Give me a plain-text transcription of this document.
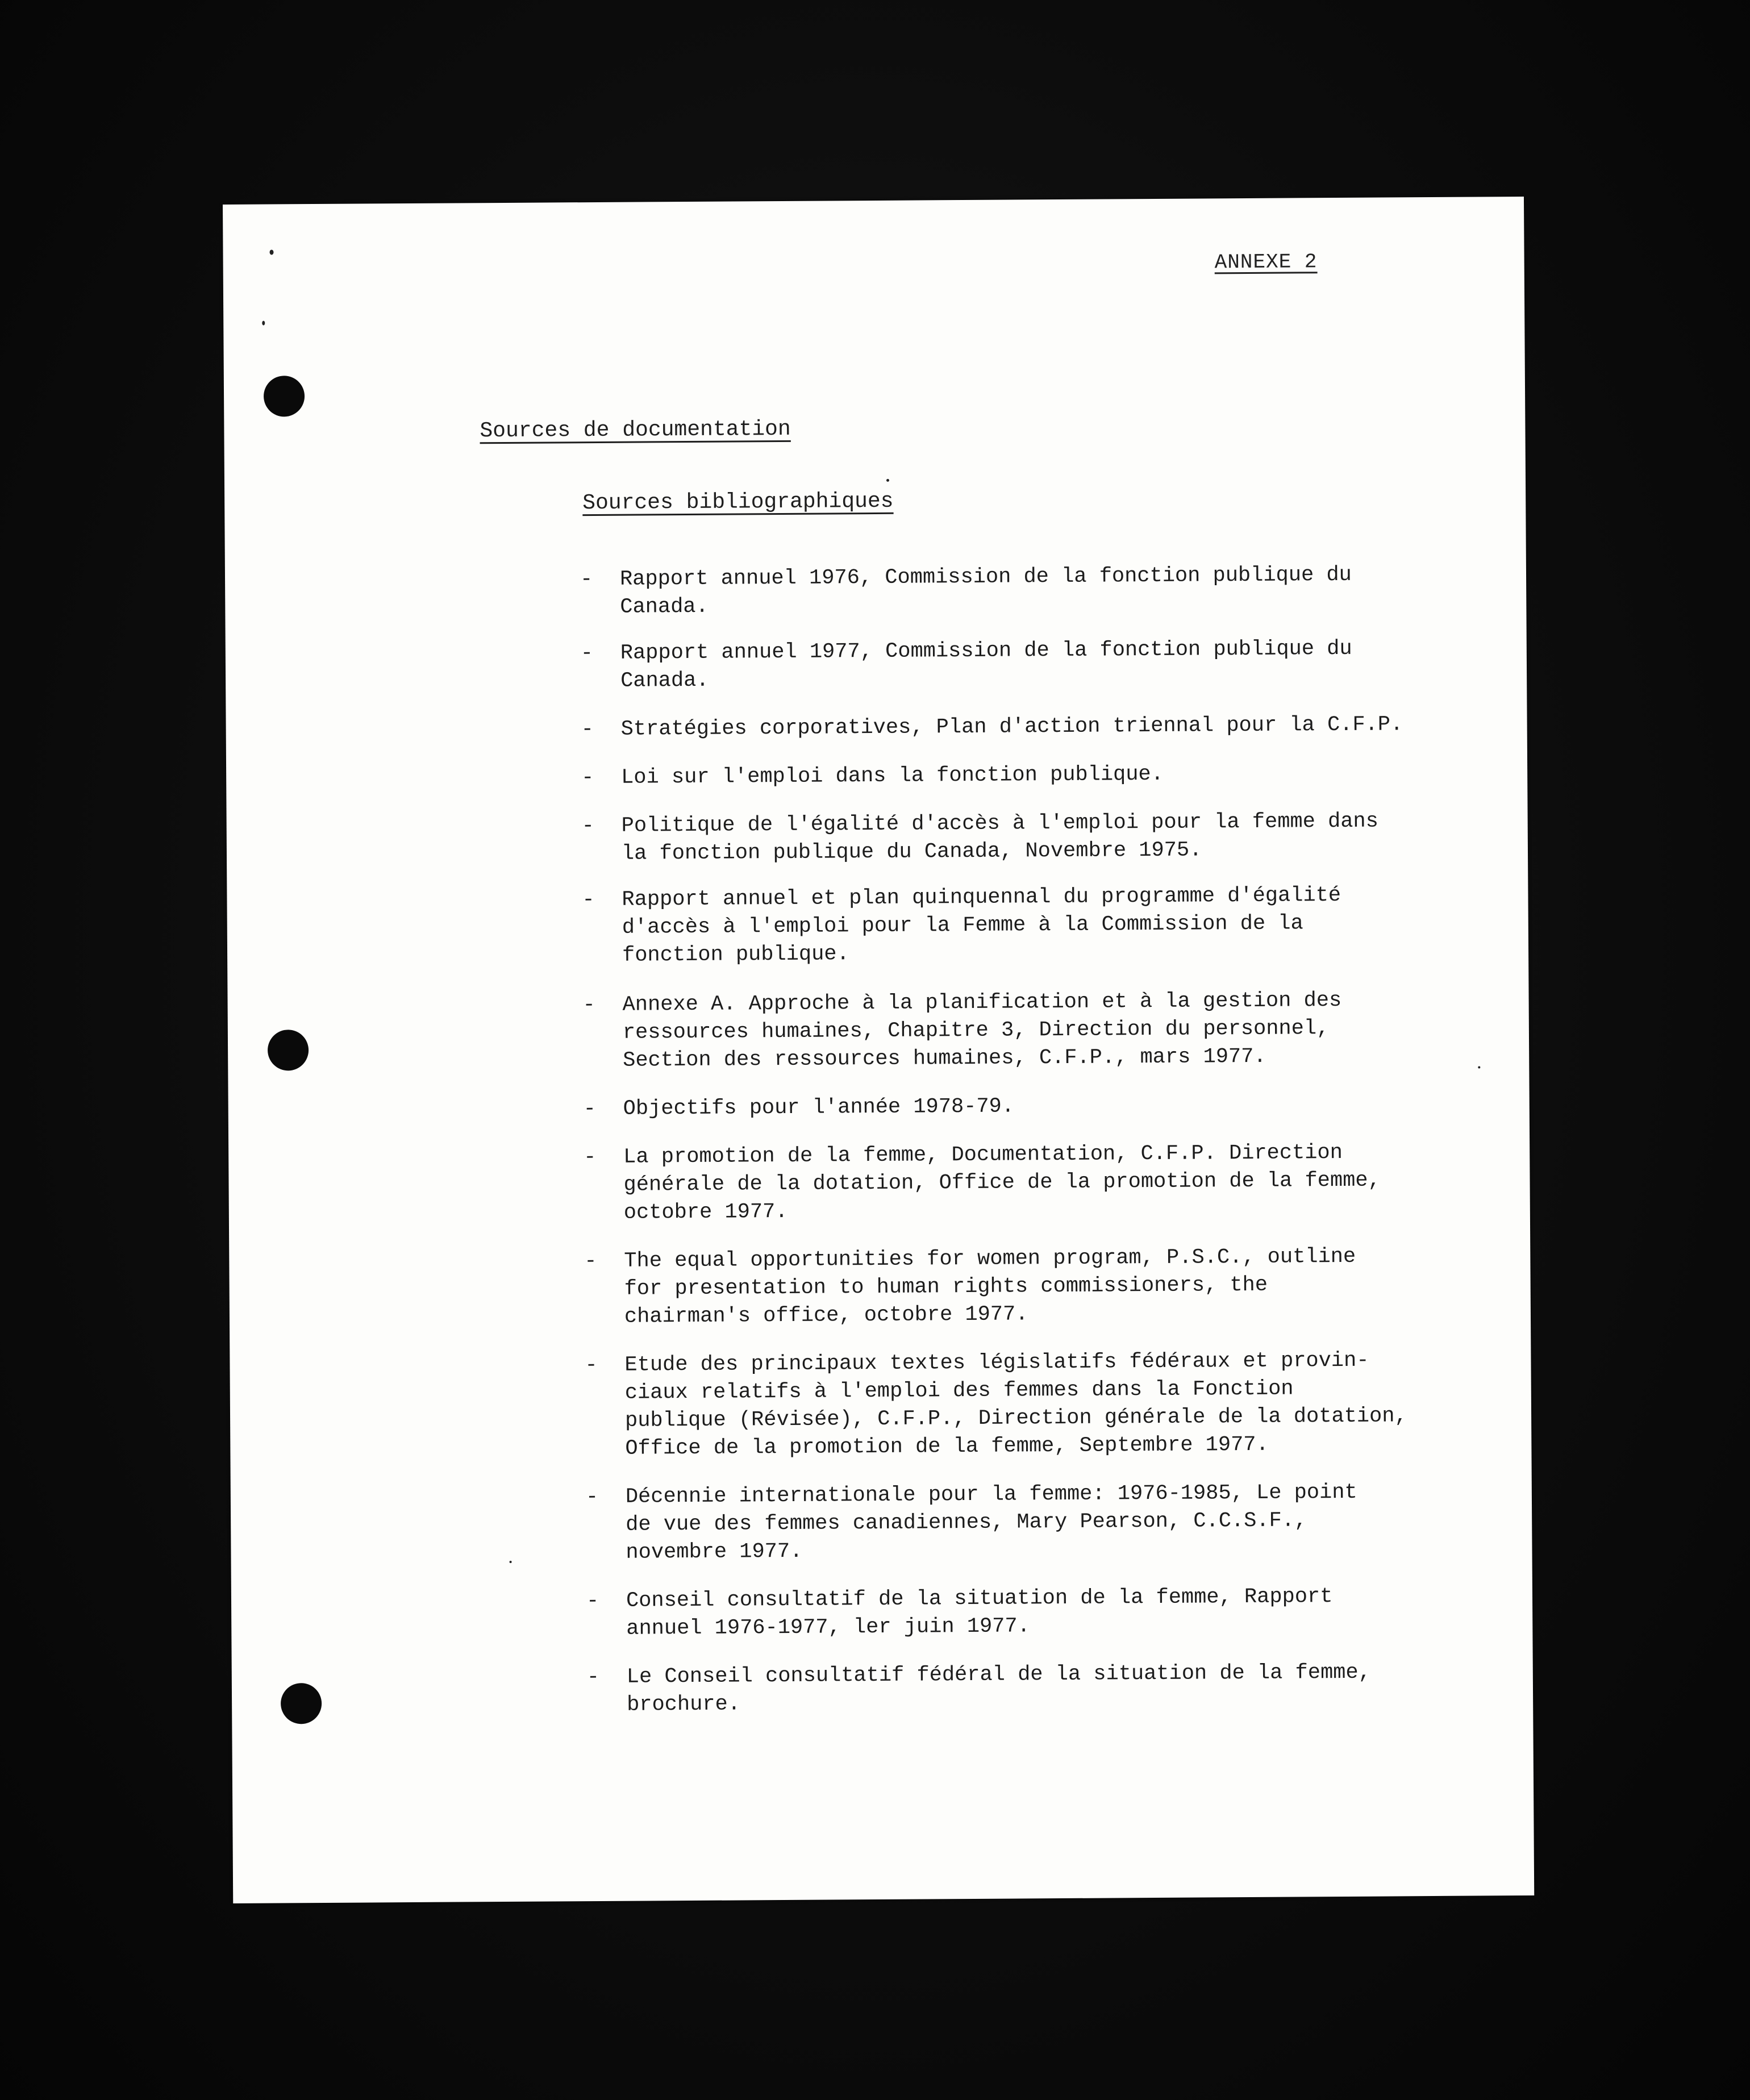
ANNEXE 2
Sources de documentation
Sources bibliographiques
- Rapport annuel 1976, Commission de la fonction publique du
Canada.
- Rapport annuel 1977, Commission de la fonction publique du
Canada.
- Stratégies corporatives, Plan d'action triennal pour la C.F.P.
- Loi sur l'emploi dans la fonction publique.
- Politique de l'égalité d'accès à l'emploi pour la femme dans
la fonction publique du Canada, Novembre 1975.
- Rapport annuel et plan quinquennal du programme d'égalité
d'accès à l'emploi pour la Femme à la Commission de la
fonction publique.
- Annexe A. Approche à la planification et à la gestion des
ressources humaines, Chapitre 3, Direction du personnel,
Section des ressources humaines, C.F.P., mars 1977.
- Objectifs pour l'année 1978-79.
- La promotion de la femme, Documentation, C.F.P. Direction
générale de la dotation, Office de la promotion de la femme,
octobre 1977.
- The equal opportunities for women program, P.S.C., outline
for presentation to human rights commissioners, the
chairman's office, octobre 1977.
- Etude des principaux textes législatifs fédéraux et provin-
ciaux relatifs à l'emploi des femmes dans la Fonction
publique (Révisée), C.F.P., Direction générale de la dotation,
Office de la promotion de la femme, Septembre 1977.
- Décennie internationale pour la femme: 1976-1985, Le point
de vue des femmes canadiennes, Mary Pearson, C.C.S.F.,
novembre 1977.
- Conseil consultatif de la situation de la femme, Rapport
annuel 1976-1977, ler juin 1977.
- Le Conseil consultatif fédéral de la situation de la femme,
brochure.
